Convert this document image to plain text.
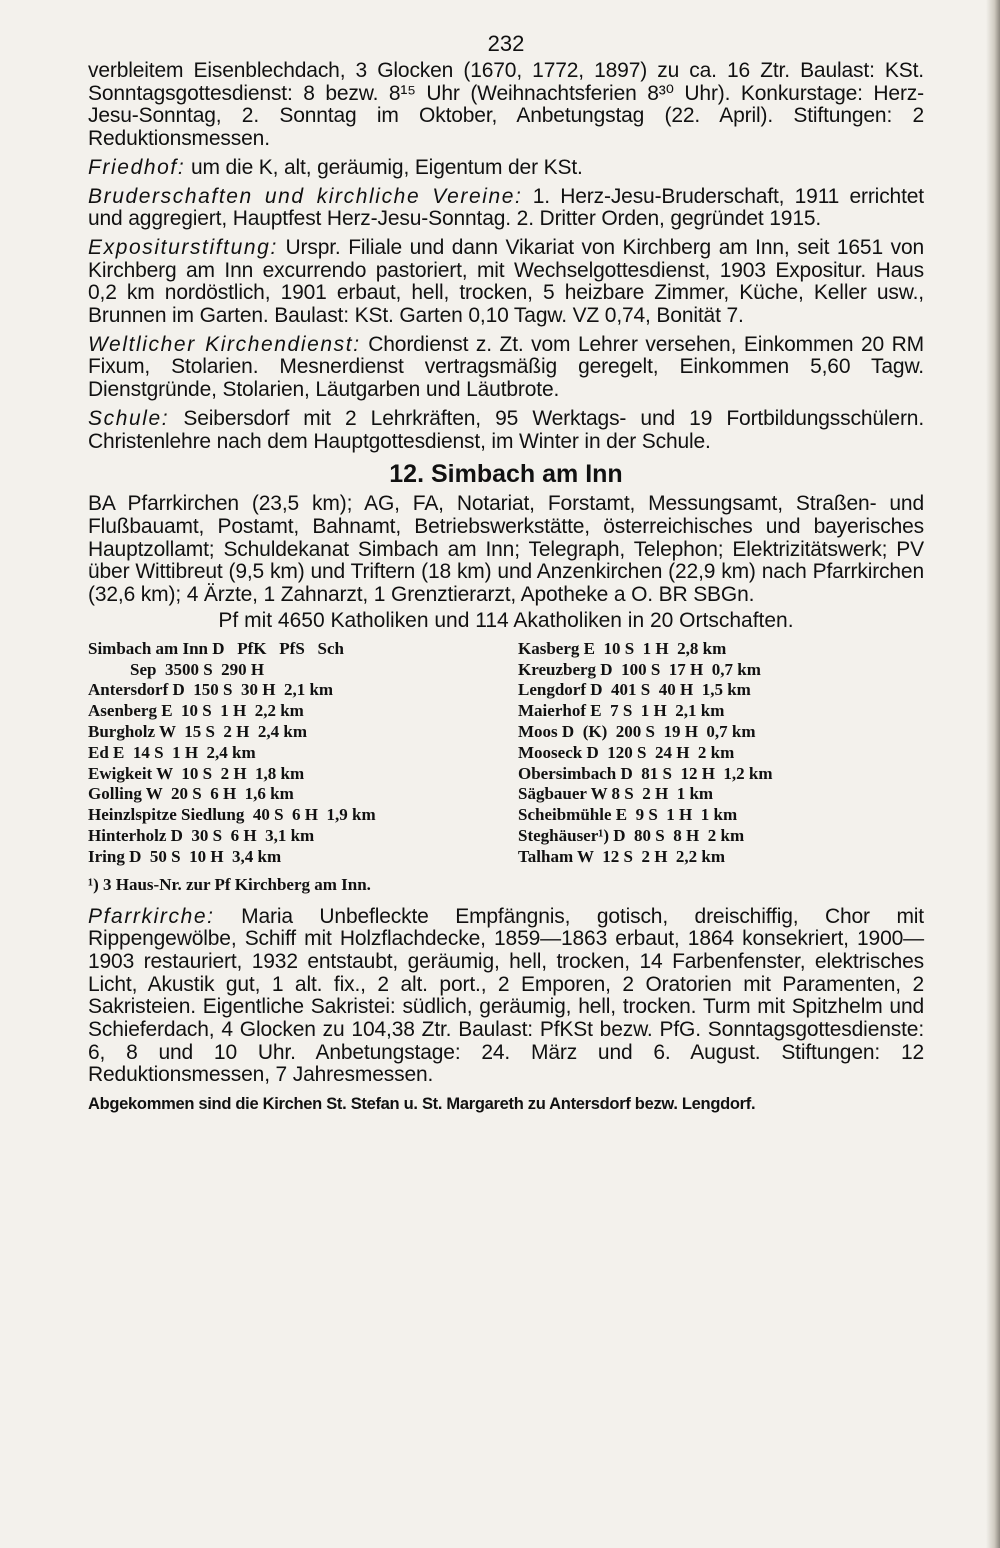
232
verbleitem Eisenblechdach, 3 Glocken (1670, 1772, 1897) zu ca. 16 Ztr. Baulast: KSt. Sonntagsgottesdienst: 8 bezw. 8¹⁵ Uhr (Weihnachtsferien 8³⁰ Uhr). Konkurstage: Herz-Jesu-Sonntag, 2. Sonntag im Oktober, Anbetungstag (22. April). Stiftungen: 2 Reduktionsmessen.
Friedhof: um die K, alt, geräumig, Eigentum der KSt.
Bruderschaften und kirchliche Vereine: 1. Herz-Jesu-Bruderschaft, 1911 errichtet und aggregiert, Hauptfest Herz-Jesu-Sonntag. 2. Dritter Orden, gegründet 1915.
Expositurstiftung: Urspr. Filiale und dann Vikariat von Kirchberg am Inn, seit 1651 von Kirchberg am Inn excurrendo pastoriert, mit Wechselgottesdienst, 1903 Expositur. Haus 0,2 km nordöstlich, 1901 erbaut, hell, trocken, 5 heizbare Zimmer, Küche, Keller usw., Brunnen im Garten. Baulast: KSt. Garten 0,10 Tagw. VZ 0,74, Bonität 7.
Weltlicher Kirchendienst: Chordienst z. Zt. vom Lehrer versehen, Einkommen 20 RM Fixum, Stolarien. Mesnerdienst vertragsmäßig geregelt, Einkommen 5,60 Tagw. Dienstgründe, Stolarien, Läutgarben und Läutbrote.
Schule: Seibersdorf mit 2 Lehrkräften, 95 Werktags- und 19 Fortbildungsschülern. Christenlehre nach dem Hauptgottesdienst, im Winter in der Schule.
12. Simbach am Inn
BA Pfarrkirchen (23,5 km); AG, FA, Notariat, Forstamt, Messungsamt, Straßen- und Flußbauamt, Postamt, Bahnamt, Betriebswerkstätte, österreichisches und bayerisches Hauptzollamt; Schuldekanat Simbach am Inn; Telegraph, Telephon; Elektrizitätswerk; PV über Wittibreut (9,5 km) und Triftern (18 km) und Anzenkirchen (22,9 km) nach Pfarrkirchen (32,6 km); 4 Ärzte, 1 Zahnarzt, 1 Grenztierarzt, Apotheke a O. BR SBGn.
Pf mit 4650 Katholiken und 114 Akatholiken in 20 Ortschaften.
Simbach am Inn D   PfK   PfS   Sch
Sep  3500 S  290 H
Antersdorf D  150 S  30 H  2,1 km
Asenberg E  10 S  1 H  2,2 km
Burgholz W  15 S  2 H  2,4 km
Ed E  14 S  1 H  2,4 km
Ewigkeit W  10 S  2 H  1,8 km
Golling W  20 S  6 H  1,6 km
Heinzlspitze Siedlung  40 S  6 H  1,9 km
Hinterholz D  30 S  6 H  3,1 km
Iring D  50 S  10 H  3,4 km
Kasberg E  10 S  1 H  2,8 km
Kreuzberg D  100 S  17 H  0,7 km
Lengdorf D  401 S  40 H  1,5 km
Maierhof E  7 S  1 H  2,1 km
Moos D  (K)  200 S  19 H  0,7 km
Mooseck D  120 S  24 H  2 km
Obersimbach D  81 S  12 H  1,2 km
Sägbauer W 8 S  2 H  1 km
Scheibmühle E  9 S  1 H  1 km
Steghäuser¹) D  80 S  8 H  2 km
Talham W  12 S  2 H  2,2 km
¹) 3 Haus-Nr. zur Pf Kirchberg am Inn.
Pfarrkirche: Maria Unbefleckte Empfängnis, gotisch, dreischiffig, Chor mit Rippengewölbe, Schiff mit Holzflachdecke, 1859—1863 erbaut, 1864 konsekriert, 1900—1903 restauriert, 1932 entstaubt, geräumig, hell, trocken, 14 Farbenfenster, elektrisches Licht, Akustik gut, 1 alt. fix., 2 alt. port., 2 Emporen, 2 Oratorien mit Paramenten, 2 Sakristeien. Eigentliche Sakristei: südlich, geräumig, hell, trocken. Turm mit Spitzhelm und Schieferdach, 4 Glocken zu 104,38 Ztr. Baulast: PfKSt bezw. PfG. Sonntagsgottesdienste: 6, 8 und 10 Uhr. Anbetungstage: 24. März und 6. August. Stiftungen: 12 Reduktionsmessen, 7 Jahresmessen.
Abgekommen sind die Kirchen St. Stefan u. St. Margareth zu Antersdorf bezw. Lengdorf.
